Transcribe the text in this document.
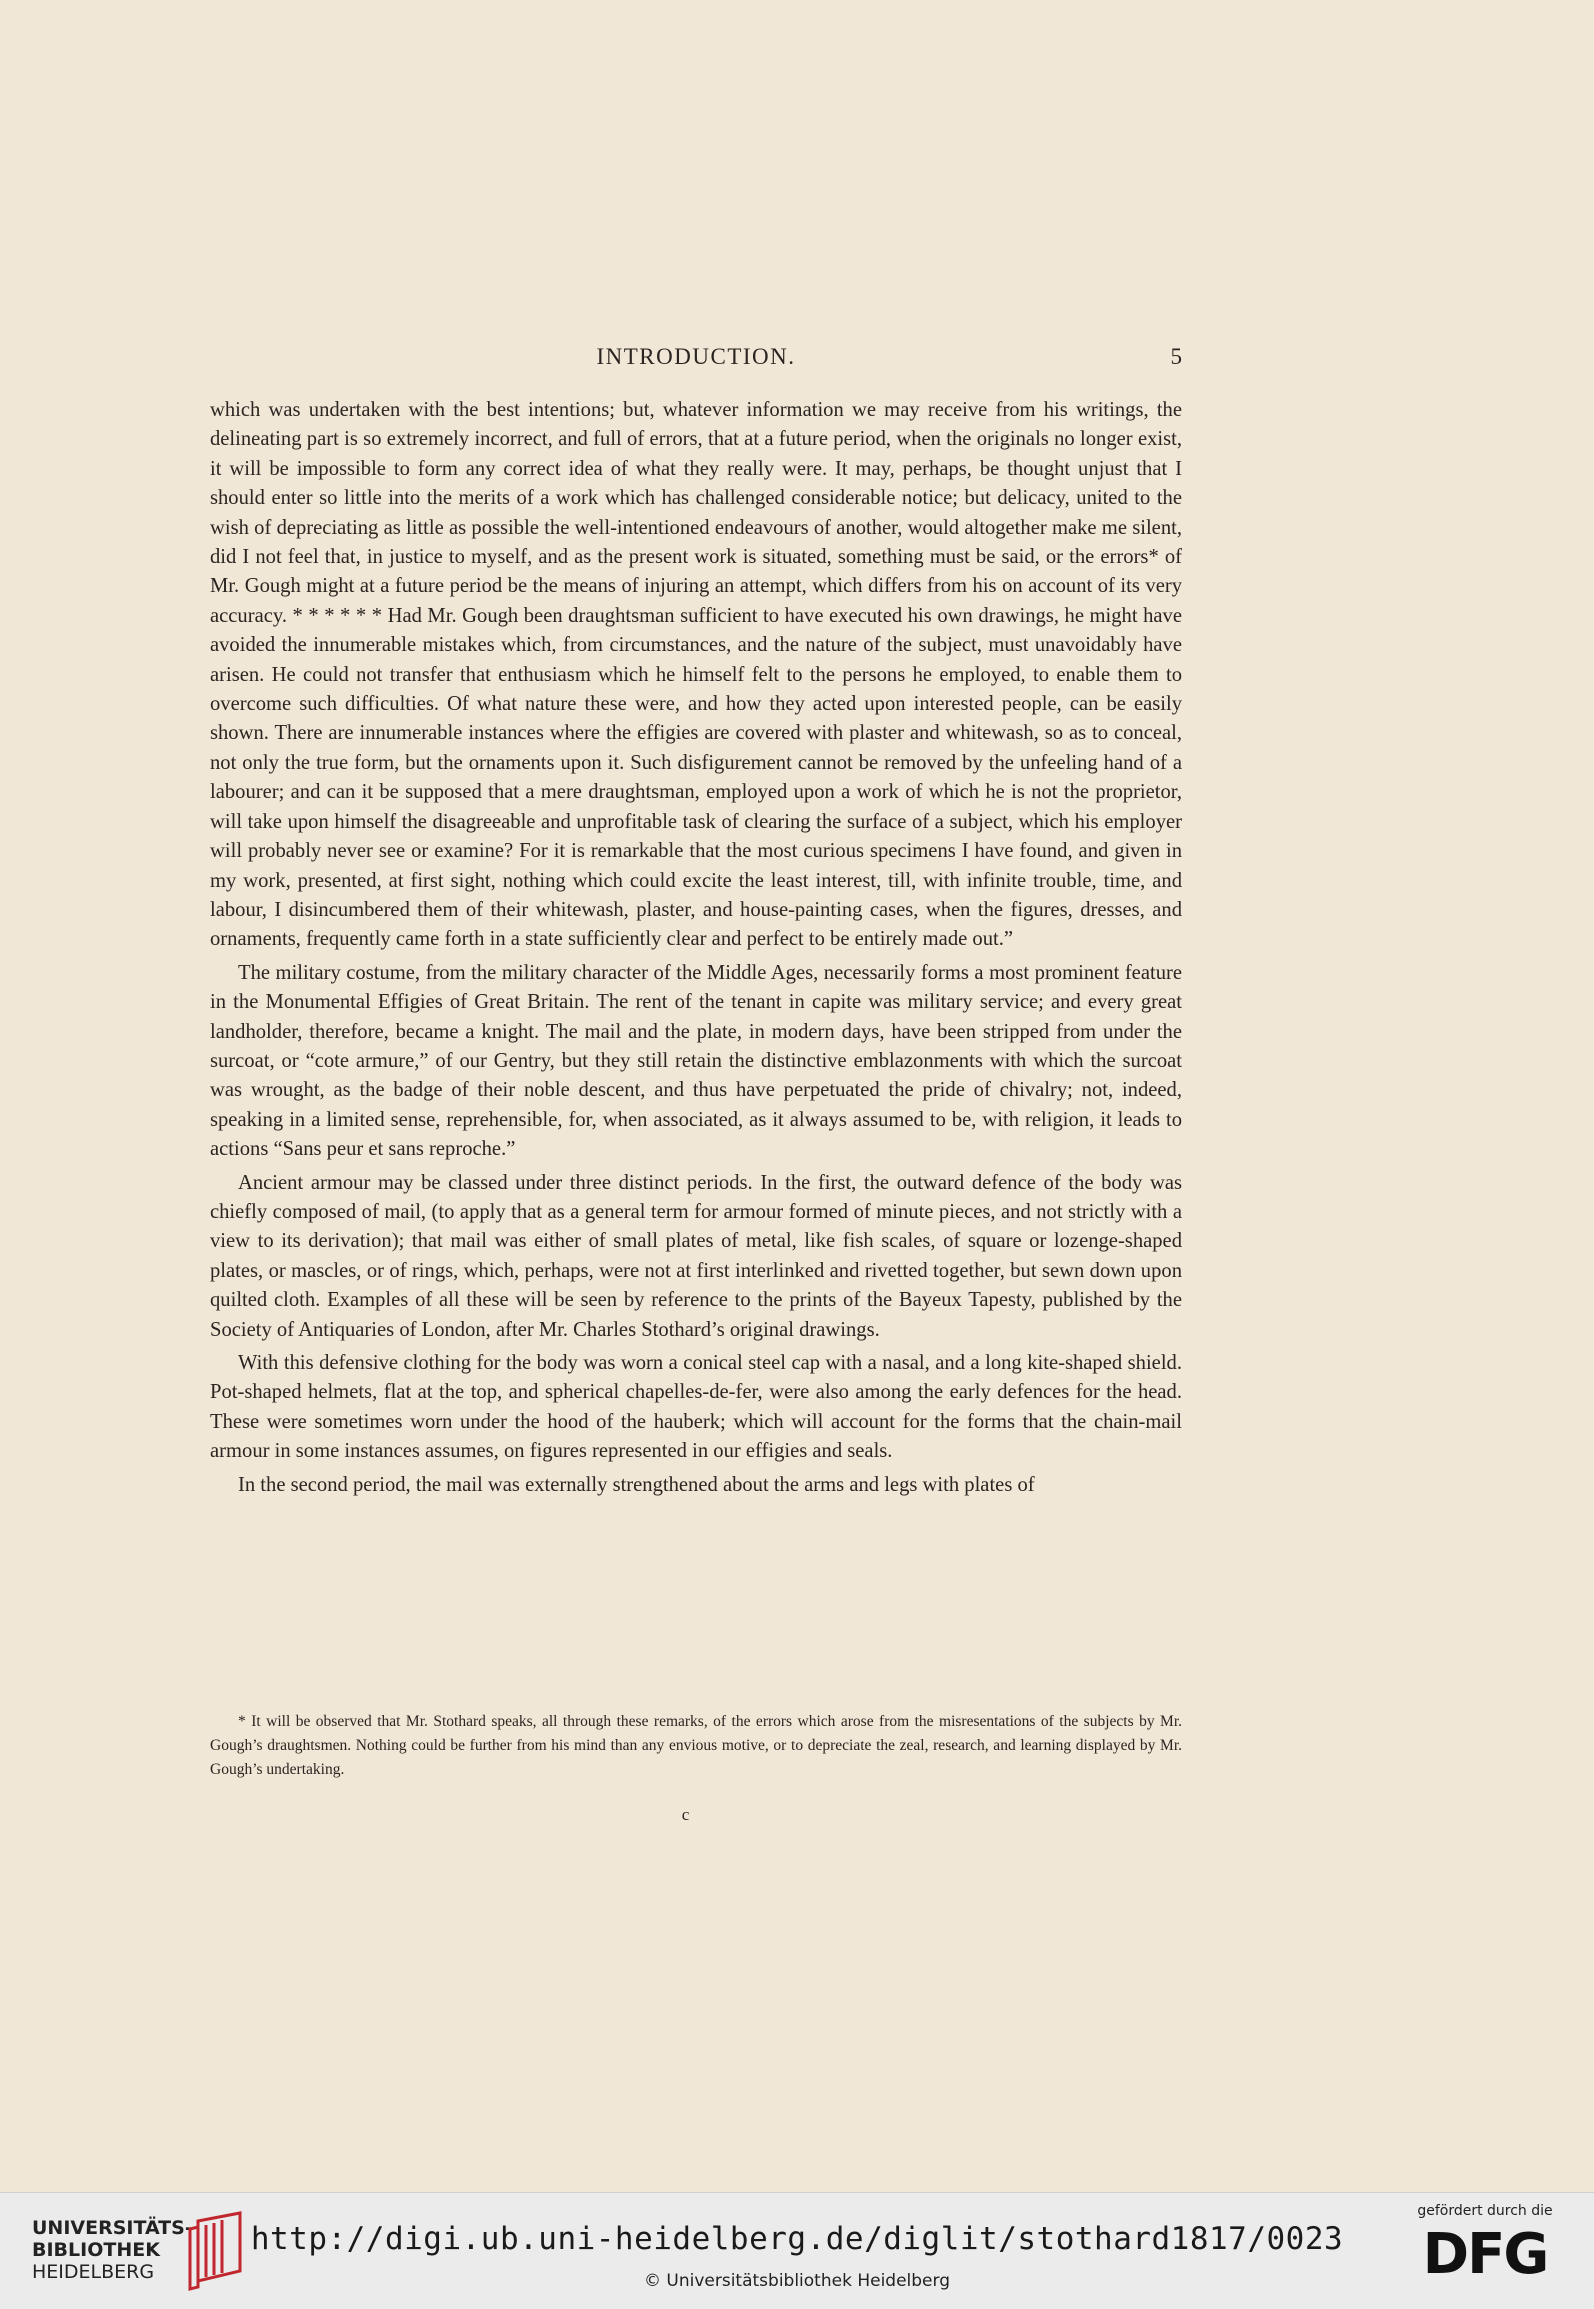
INTRODUCTION.	5

which was undertaken with the best intentions; but, whatever information we may receive from his writings, the delineating part is so extremely incorrect, and full of errors, that at a future period, when the originals no longer exist, it will be impossible to form any correct idea of what they really were. It may, perhaps, be thought unjust that I should enter so little into the merits of a work which has challenged considerable notice; but delicacy, united to the wish of depreciating as little as possible the well-intentioned endeavours of another, would altogether make me silent, did I not feel that, in justice to myself, and as the present work is situated, something must be said, or the errors* of Mr. Gough might at a future period be the means of injuring an attempt, which differs from his on account of its very accuracy. * * * * * * Had Mr. Gough been draughtsman sufficient to have executed his own drawings, he might have avoided the innumerable mistakes which, from circumstances, and the nature of the subject, must unavoidably have arisen. He could not transfer that enthusiasm which he himself felt to the persons he employed, to enable them to overcome such difficulties. Of what nature these were, and how they acted upon interested people, can be easily shown. There are innumerable instances where the effigies are covered with plaster and whitewash, so as to conceal, not only the true form, but the ornaments upon it. Such disfigurement cannot be removed by the unfeeling hand of a labourer; and can it be supposed that a mere draughtsman, employed upon a work of which he is not the proprietor, will take upon himself the disagreeable and unprofitable task of clearing the surface of a subject, which his employer will probably never see or examine? For it is remarkable that the most curious specimens I have found, and given in my work, presented, at first sight, nothing which could excite the least interest, till, with infinite trouble, time, and labour, I disincumbered them of their whitewash, plaster, and house-painting cases, when the figures, dresses, and ornaments, frequently came forth in a state sufficiently clear and perfect to be entirely made out.”

The military costume, from the military character of the Middle Ages, necessarily forms a most prominent feature in the Monumental Effigies of Great Britain. The rent of the tenant in capite was military service; and every great landholder, therefore, became a knight. The mail and the plate, in modern days, have been stripped from under the surcoat, or “cote armure,” of our Gentry, but they still retain the distinctive emblazonments with which the surcoat was wrought, as the badge of their noble descent, and thus have perpetuated the pride of chivalry; not, indeed, speaking in a limited sense, reprehensible, for, when associated, as it always assumed to be, with religion, it leads to actions “Sans peur et sans reproche.”

Ancient armour may be classed under three distinct periods. In the first, the outward defence of the body was chiefly composed of mail, (to apply that as a general term for armour formed of minute pieces, and not strictly with a view to its derivation); that mail was either of small plates of metal, like fish scales, of square or lozenge-shaped plates, or mascles, or of rings, which, perhaps, were not at first interlinked and rivetted together, but sewn down upon quilted cloth. Examples of all these will be seen by reference to the prints of the Bayeux Tapesty, published by the Society of Antiquaries of London, after Mr. Charles Stothard’s original drawings.

With this defensive clothing for the body was worn a conical steel cap with a nasal, and a long kite-shaped shield. Pot-shaped helmets, flat at the top, and spherical chapelles-de-fer, were also among the early defences for the head. These were sometimes worn under the hood of the hauberk; which will account for the forms that the chain-mail armour in some instances assumes, on figures represented in our effigies and seals.

In the second period, the mail was externally strengthened about the arms and legs with plates of

* It will be observed that Mr. Stothard speaks, all through these remarks, of the errors which arose from the misresentations of the subjects by Mr. Gough’s draughtsmen. Nothing could be further from his mind than any envious motive, or to depreciate the zeal, research, and learning displayed by Mr. Gough’s undertaking.

c
UNIVERSITÄTS-
BIBLIOTHEK
HEIDELBERG
http://digi.ub.uni-heidelberg.de/diglit/stothard1817/0023
© Universitätsbibliothek Heidelberg
gefördert durch die
DFG
